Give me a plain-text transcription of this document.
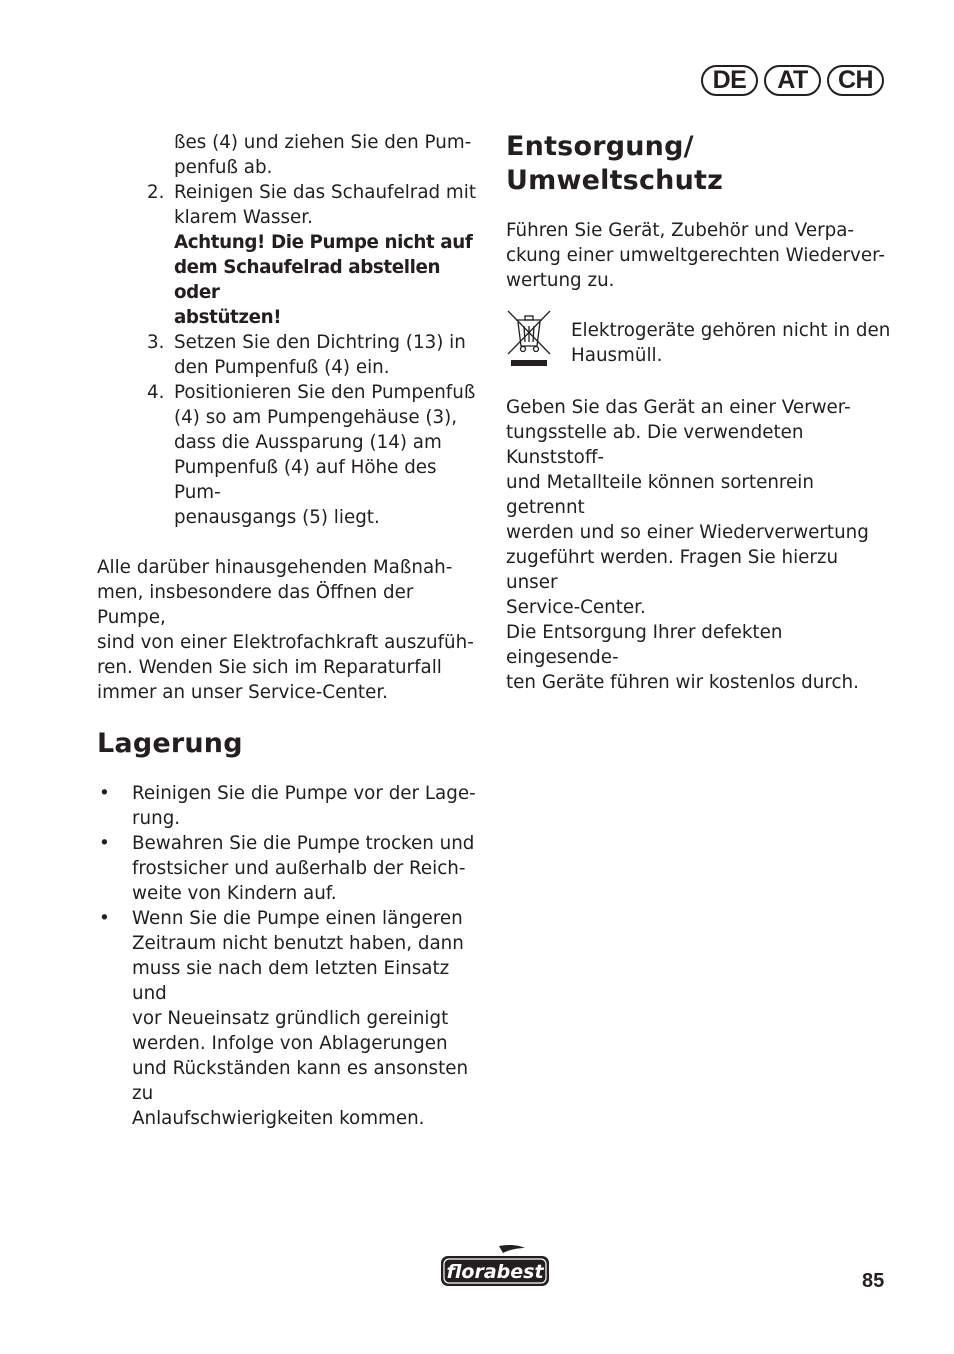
DE	AT	CH
ßes (4) und ziehen Sie den Pum-
penfuß ab.
2. Reinigen Sie das Schaufelrad mit
klarem Wasser.
Achtung! Die Pumpe nicht auf
dem Schaufelrad abstellen oder
abstützen!
3. Setzen Sie den Dichtring (13) in
den Pumpenfuß (4) ein.
4. Positionieren Sie den Pumpenfuß
(4) so am Pumpengehäuse (3),
dass die Aussparung (14) am
Pumpenfuß (4) auf Höhe des Pum-
penausgangs (5) liegt.
Alle darüber hinausgehenden Maßnah-
men, insbesondere das Öffnen der Pumpe,
sind von einer Elektrofachkraft auszufüh-
ren. Wenden Sie sich im Reparaturfall
immer an unser Service-Center.
Lagerung
• Reinigen Sie die Pumpe vor der Lage-
rung.
• Bewahren Sie die Pumpe trocken und
frostsicher und außerhalb der Reich-
weite von Kindern auf.
• Wenn Sie die Pumpe einen längeren
Zeitraum nicht benutzt haben, dann
muss sie nach dem letzten Einsatz und
vor Neueinsatz gründlich gereinigt
werden. Infolge von Ablagerungen
und Rückständen kann es ansonsten zu
Anlaufschwierigkeiten kommen.
Entsorgung/
Umweltschutz
Führen Sie Gerät, Zubehör und Verpa-
ckung einer umweltgerechten Wiederver-
wertung zu.
Elektrogeräte gehören nicht in den
Hausmüll.
Geben Sie das Gerät an einer Verwer-
tungsstelle ab. Die verwendeten Kunststoff-
und Metallteile können sortenrein getrennt
werden und so einer Wiederverwertung
zugeführt werden. Fragen Sie hierzu unser
Service-Center.
Die Entsorgung Ihrer defekten eingesende-
ten Geräte führen wir kostenlos durch.
florabest	85
